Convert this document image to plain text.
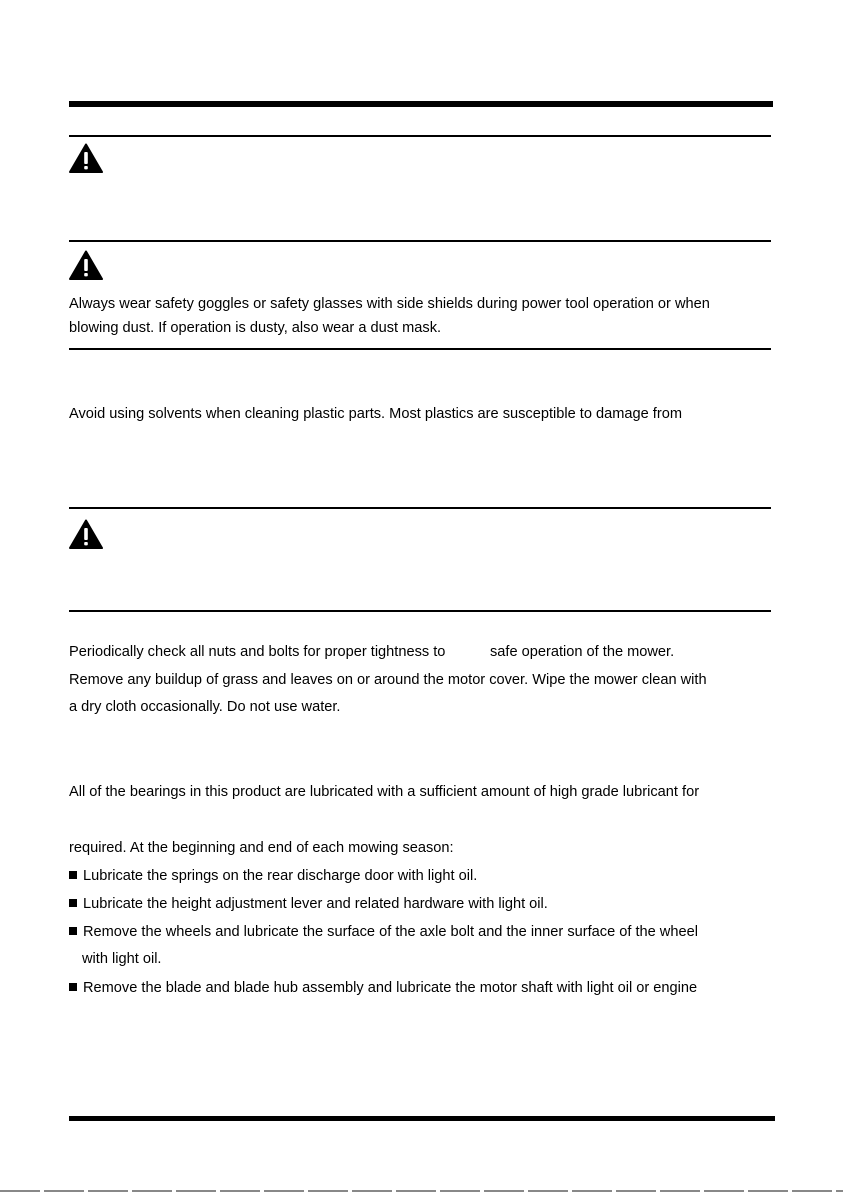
Always wear safety goggles or safety glasses with side shields during power tool operation or when
blowing dust. If operation is dusty, also wear a dust mask.
Avoid using solvents when cleaning plastic parts. Most plastics are susceptible to damage from
Periodically check all nuts and bolts for proper tightness to           safe operation of the mower.
Remove any buildup of grass and leaves on or around the motor cover. Wipe the mower clean with
a dry cloth occasionally. Do not use water.
All of the bearings in this product are lubricated with a sufficient amount of high grade lubricant for
required. At the beginning and end of each mowing season:
Lubricate the springs on the rear discharge door with light oil.
Lubricate the height adjustment lever and related hardware with light oil.
Remove the wheels and lubricate the surface of the axle bolt and the inner surface of the wheel
with light oil.
Remove the blade and blade hub assembly and lubricate the motor shaft with light oil or engine
